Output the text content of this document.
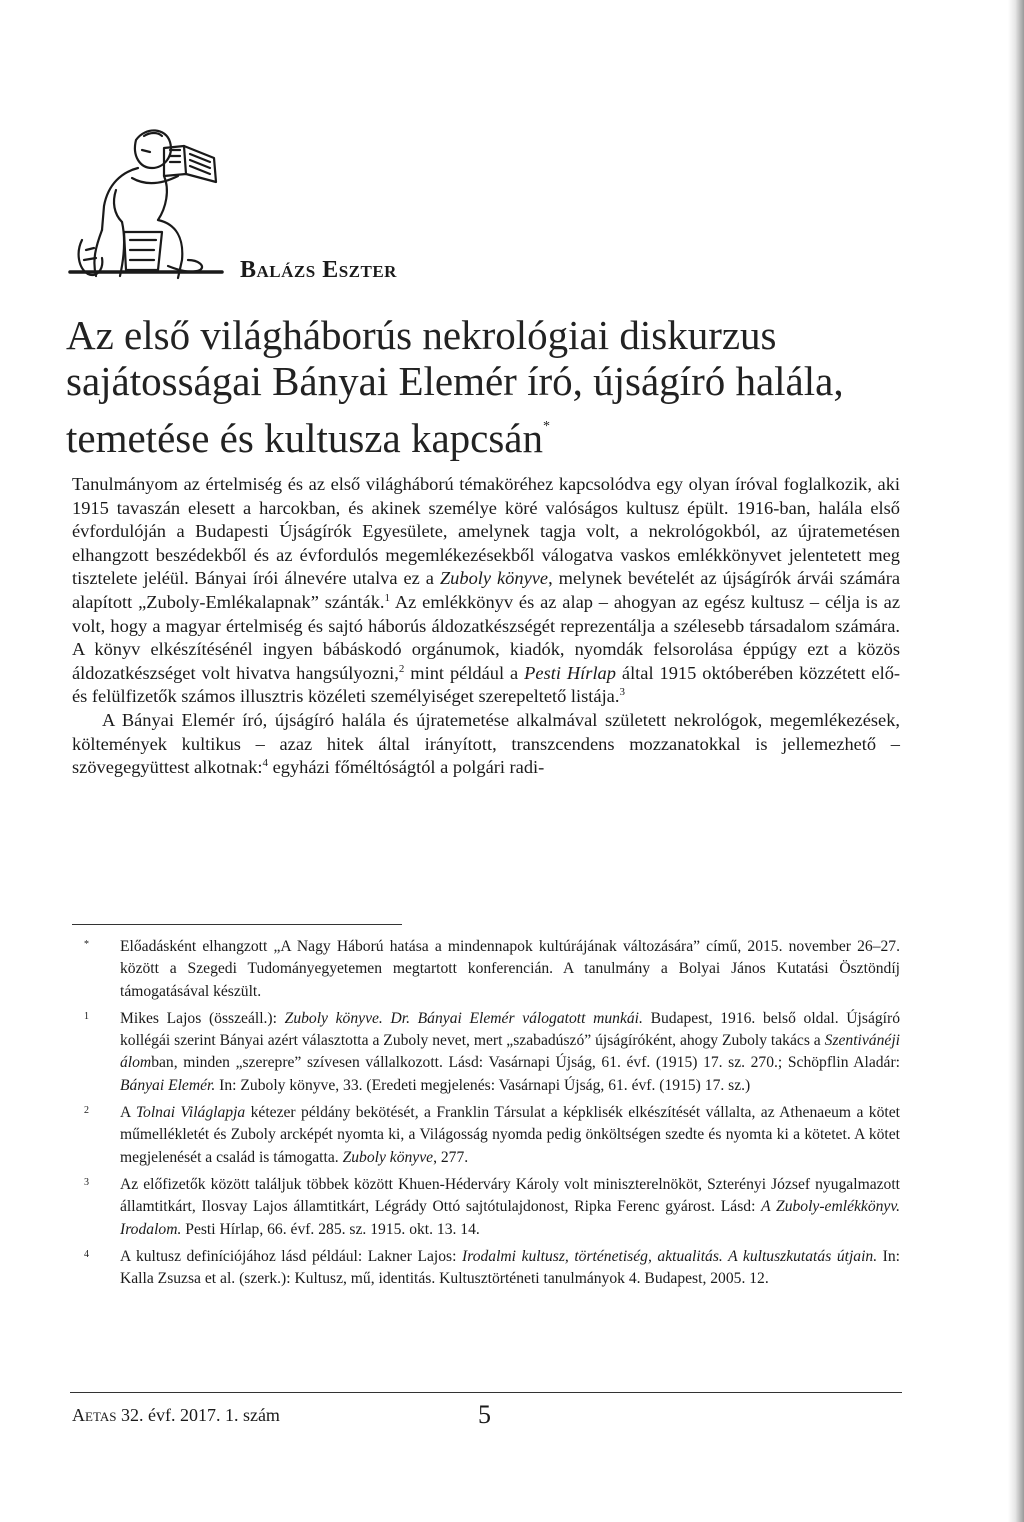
Balázs Eszter
Az első világháborús nekrológiai diskurzus sajátosságai Bányai Elemér író, újságíró halála, temetése és kultusza kapcsán*

Tanulmányom az értelmiség és az első világháború témaköréhez kapcsolódva egy olyan íróval foglalkozik, aki 1915 tavaszán elesett a harcokban, és akinek személye köré valóságos kultusz épült. 1916-ban, halála első évfordulóján a Budapesti Újságírók Egyesülete, amelynek tagja volt, a nekrológokból, az újratemetésen elhangzott beszédekből és az évfordulós megemlékezésekből válogatva vaskos emlékkönyvet jelentetett meg tisztelete jeléül. Bányai írói álnevére utalva ez a Zuboly könyve, melynek bevételét az újságírók árvái számára alapított „Zuboly-Emlékalapnak” szánták.$^1$ Az emlékkönyv és az alap – ahogyan az egész kultusz – célja is az volt, hogy a magyar értelmiség és sajtó háborús áldozatkészségét reprezentálja a szélesebb társadalom számára. A könyv elkészítésénél ingyen bábáskodó orgánumok, kiadók, nyomdák felsorolása éppúgy ezt a közös áldozatkészséget volt hivatva hangsúlyozni,$^2$ mint például a Pesti Hírlap által 1915 októberében közzétett elő- és felülfizetők számos illusztris közéleti személyiséget szerepeltető listája.$^3$

A Bányai Elemér író, újságíró halála és újratemetése alkalmával született nekrológok, megemlékezések, költemények kultikus – azaz hitek által irányított, transzcendens mozzanatokkal is jellemezhető – szövegegyüttest alkotnak:$^4$ egyházi főméltóságtól a polgári radi-

*	Előadásként elhangzott „A Nagy Háború hatása a mindennapok kultúrájának változására” című, 2015. november 26–27. között a Szegedi Tudományegyetemen megtartott konferencián. A tanulmány a Bolyai János Kutatási Ösztöndíj támogatásával készült.
1	Mikes Lajos (összeáll.): Zuboly könyve. Dr. Bányai Elemér válogatott munkái. Budapest, 1916. belső oldal. Újságíró kollégái szerint Bányai azért választotta a Zuboly nevet, mert „szabadúszó” újságíróként, ahogy Zuboly takács a Szentivánéji álomban, minden „szerepre” szívesen vállalkozott. Lásd: Vasárnapi Újság, 61. évf. (1915) 17. sz. 270.; Schöpflin Aladár: Bányai Elemér. In: Zuboly könyve, 33. (Eredeti megjelenés: Vasárnapi Újság, 61. évf. (1915) 17. sz.)
2	A Tolnai Világlapja kétezer példány bekötését, a Franklin Társulat a képklisék elkészítését vállalta, az Athenaeum a kötet műmellékletét és Zuboly arcképét nyomta ki, a Világosság nyomda pedig önköltségen szedte és nyomta ki a kötetet. A kötet megjelenését a család is támogatta. Zuboly könyve, 277.
3	Az előfizetők között találjuk többek között Khuen-Héderváry Károly volt miniszterelnököt, Szterényi József nyugalmazott államtitkárt, Ilosvay Lajos államtitkárt, Légrády Ottó sajtótulajdonost, Ripka Ferenc gyárost. Lásd: A Zuboly-emlékkönyv. Irodalom. Pesti Hírlap, 66. évf. 285. sz. 1915. okt. 13. 14.
4	A kultusz definíciójához lásd például: Lakner Lajos: Irodalmi kultusz, történetiség, aktualitás. A kultuszkutatás útjain. In: Kalla Zsuzsa et al. (szerk.): Kultusz, mű, identitás. Kultusztörténeti tanulmányok 4. Budapest, 2005. 12.

Aetas 32. évf. 2017. 1. szám	5
